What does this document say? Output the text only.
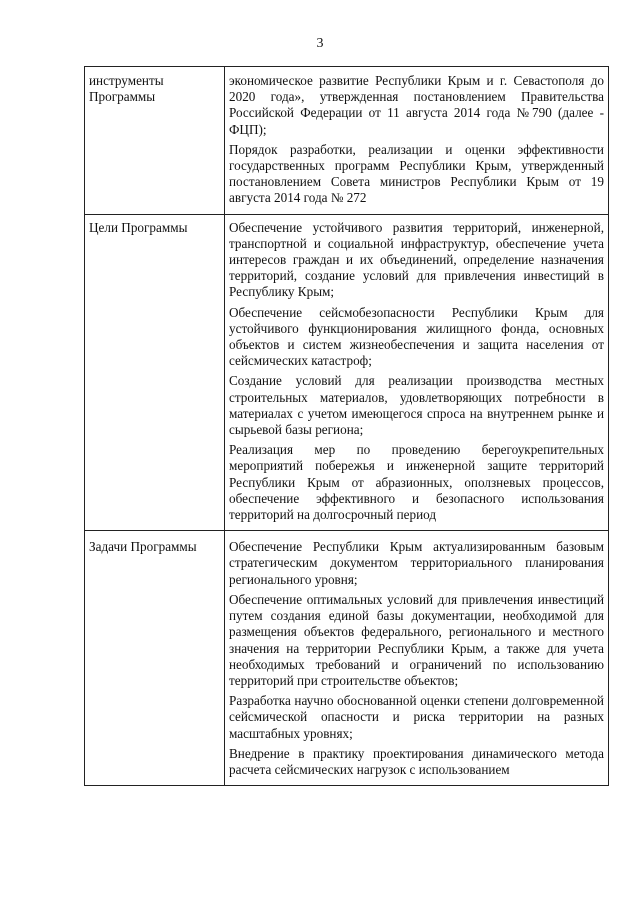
3
инструменты Программы	экономическое развитие Республики Крым и г. Севастополя до 2020 года», утвержденная постановлением Правительства Российской Федерации от 11 августа 2014 года №790 (далее - ФЦП);

Порядок разработки, реализации и оценки эффективности государственных программ Республики Крым, утвержденный постановлением Совета министров Республики Крым от 19 августа 2014 года № 272

Цели Программы	Обеспечение устойчивого развития территорий, инженерной, транспортной и социальной инфраструктур, обеспечение учета интересов граждан и их объединений, определение назначения территорий, создание условий для привлечения инвестиций в Республику Крым;

Обеспечение сейсмобезопасности Республики Крым для устойчивого функционирования жилищного фонда, основных объектов и систем жизнеобеспечения и защита населения от сейсмических катастроф;

Создание условий для реализации производства местных строительных материалов, удовлетворяющих потребности в материалах с учетом имеющегося спроса на внутреннем рынке и сырьевой базы региона;

Реализация мер по проведению берегоукрепительных мероприятий побережья и инженерной защите территорий Республики Крым от абразионных, оползневых процессов, обеспечение эффективного и безопасного использования территорий на долгосрочный период

Задачи Программы	Обеспечение Республики Крым актуализированным базовым стратегическим документом территориального планирования регионального уровня;

Обеспечение оптимальных условий для привлечения инвестиций путем создания единой базы документации, необходимой для размещения объектов федерального, регионального и местного значения на территории Республики Крым, а также для учета необходимых требований и ограничений по использованию территорий при строительстве объектов;

Разработка научно обоснованной оценки степени долговременной сейсмической опасности и риска территории на разных масштабных уровнях;

Внедрение в практику проектирования динамического метода расчета сейсмических нагрузок с использованием
